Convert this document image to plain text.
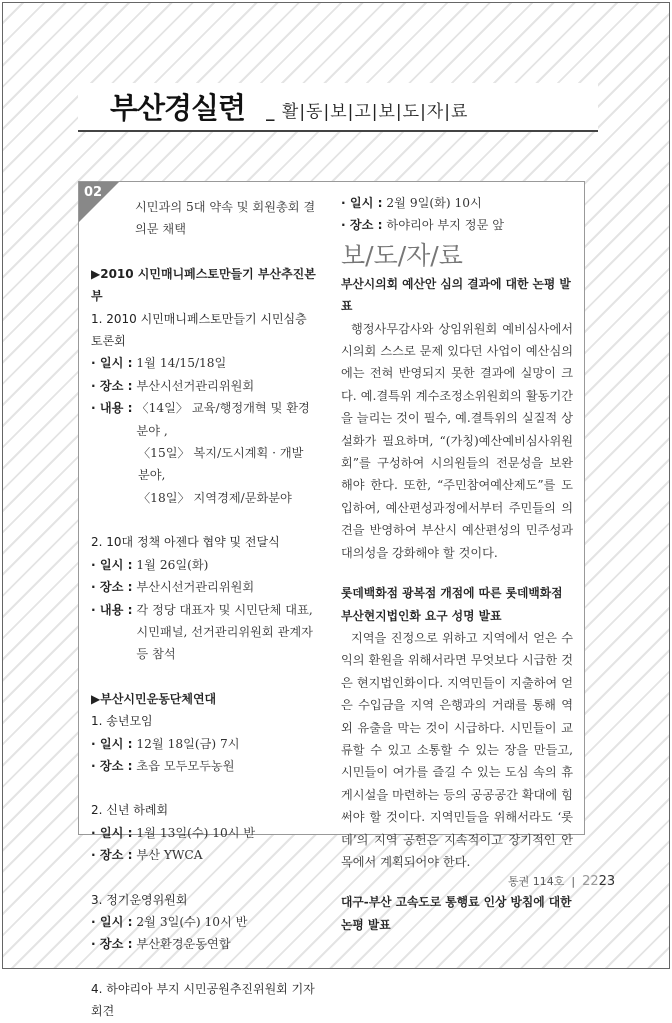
부산경실련 _ 활|동|보|고|보|도|자|료
02
시민과의 5대 약속 및 회원총회 결의문 채택
▶2010 시민매니페스토만들기 부산추진본부
1. 2010 시민매니페스토만들기 시민심층토론회
· 일시 :
1월 14/15/18일
· 장소 :
부산시선거관리위원회
· 내용 :
〈14일〉 교육/행정개혁 및 환경분야 ,
〈15일〉 복지/도시계획 · 개발 분야,
〈18일〉 지역경제/문화분야
2. 10대 정책 아젠다 협약 및 전달식
· 일시 :
1월 26일(화)
· 장소 :
부산시선거관리위원회
· 내용 :
각 정당 대표자 및 시민단체 대표, 시민패널, 선거관리위원회 관계자 등 참석
▶부산시민운동단체연대
1. 송년모임
· 일시 :
12월 18일(금) 7시
· 장소 :
초읍 모두모두농원
2. 신년 하례회
· 일시 :
1월 13일(수) 10시 반
· 장소 :
부산 YWCA
3. 정기운영위원회
· 일시 :
2월 3일(수) 10시 반
· 장소 :
부산환경운동연합
4. 하야리아 부지 시민공원추진위원회 기자회견
· 일시 :
2월 9일(화) 10시
· 장소 :
하야리아 부지 정문 앞
보/도/자/료
부산시의회 예산안 심의 결과에 대한 논평 발표
행정사무감사와 상임위원회 예비심사에서 시의회 스스로 문제 있다던 사업이 예산심의에는 전혀 반영되지 못한 결과에 실망이 크다. 예.결특위 계수조정소위원회의 활동기간을 늘리는 것이 필수, 예.결특위의 실질적 상설화가 필요하며, “(가칭)예산예비심사위원회”를 구성하여 시의원들의 전문성을 보완해야 한다. 또한, “주민참여예산제도”를 도입하여, 예산편성과정에서부터 주민들의 의견을 반영하여 부산시 예산편성의 민주성과 대의성을 강화해야 할 것이다.
롯데백화점 광복점 개점에 따른 롯데백화점 부산현지법인화 요구 성명 발표
지역을 진정으로 위하고 지역에서 얻은 수익의 환원을 위해서라면 무엇보다 시급한 것은 현지법인화이다. 지역민들이 지출하여 얻은 수입금을 지역 은행과의 거래를 통해 역외 유출을 막는 것이 시급하다. 시민들이 교류할 수 있고 소통할 수 있는 장을 만들고, 시민들이 여가를 즐길 수 있는 도심 속의 휴게시설을 마련하는 등의 공공공간 확대에 힘써야 할 것이다. 지역민들을 위해서라도 ‘롯데’의 지역 공헌은 지속적이고 장기적인 안목에서 계획되어야 한다.
대구-부산 고속도로 통행료 인상 방침에 대한 논평 발표
통권 114호 | 2223
